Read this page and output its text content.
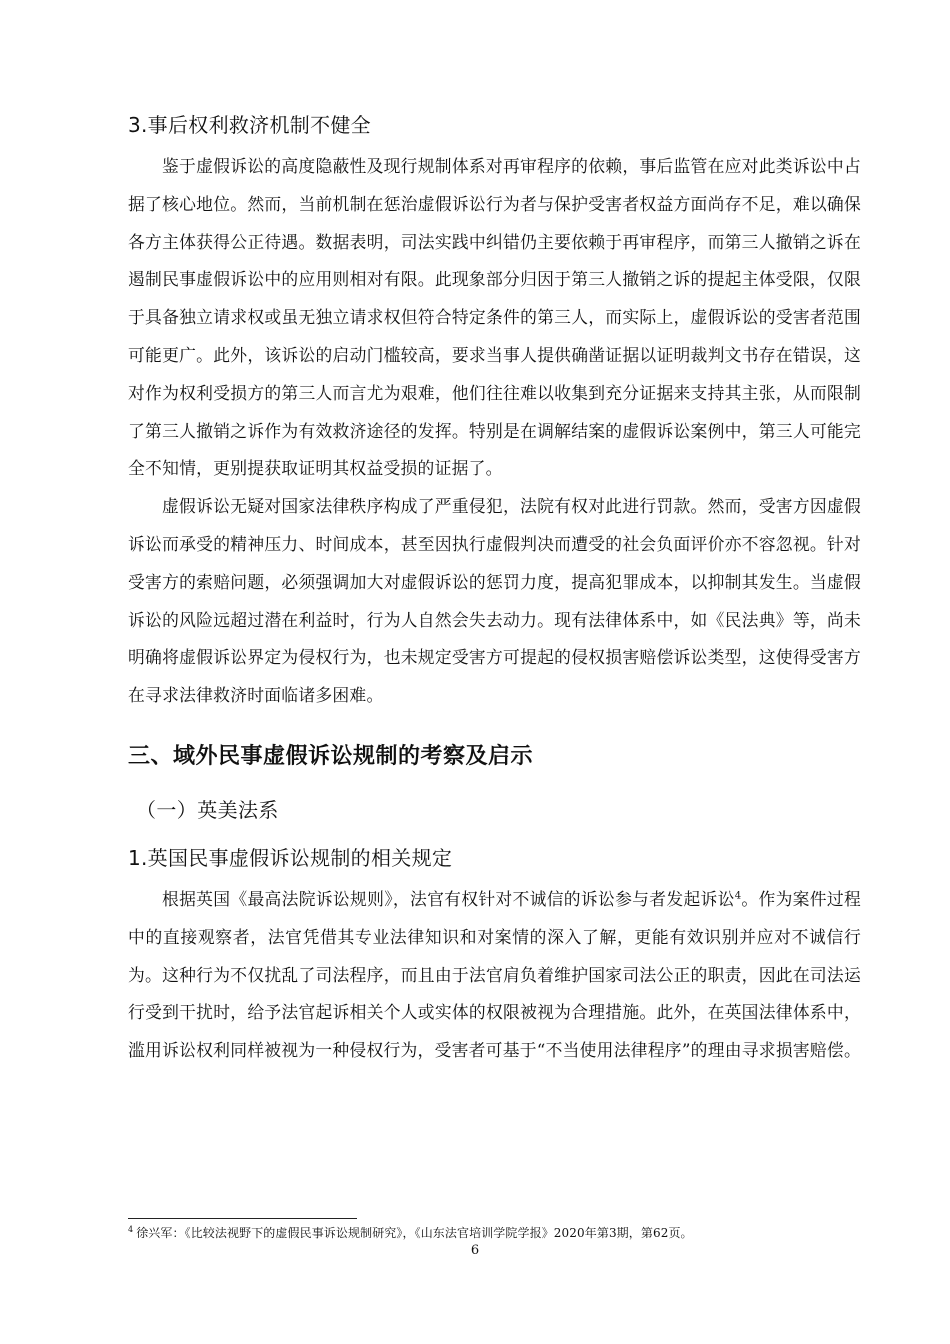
3.事后权利救济机制不健全

鉴于虚假诉讼的高度隐蔽性及现行规制体系对再审程序的依赖，事后监管在应对此类诉讼中占据了核心地位。然而，当前机制在惩治虚假诉讼行为者与保护受害者权益方面尚存不足，难以确保各方主体获得公正待遇。数据表明，司法实践中纠错仍主要依赖于再审程序，而第三人撤销之诉在遏制民事虚假诉讼中的应用则相对有限。此现象部分归因于第三人撤销之诉的提起主体受限，仅限于具备独立请求权或虽无独立请求权但符合特定条件的第三人，而实际上，虚假诉讼的受害者范围可能更广。此外，该诉讼的启动门槛较高，要求当事人提供确凿证据以证明裁判文书存在错误，这对作为权利受损方的第三人而言尤为艰难，他们往往难以收集到充分证据来支持其主张，从而限制了第三人撤销之诉作为有效救济途径的发挥。特别是在调解结案的虚假诉讼案例中，第三人可能完全不知情，更别提获取证明其权益受损的证据了。

虚假诉讼无疑对国家法律秩序构成了严重侵犯，法院有权对此进行罚款。然而，受害方因虚假诉讼而承受的精神压力、时间成本，甚至因执行虚假判决而遭受的社会负面评价亦不容忽视。针对受害方的索赔问题，必须强调加大对虚假诉讼的惩罚力度，提高犯罪成本，以抑制其发生。当虚假诉讼的风险远超过潜在利益时，行为人自然会失去动力。现有法律体系中，如《民法典》等，尚未明确将虚假诉讼界定为侵权行为，也未规定受害方可提起的侵权损害赔偿诉讼类型，这使得受害方在寻求法律救济时面临诸多困难。

三、域外民事虚假诉讼规制的考察及启示
（一）英美法系
1.英国民事虚假诉讼规制的相关规定

根据英国《最高法院诉讼规则》，法官有权针对不诚信的诉讼参与者发起诉讼$^4$。作为案件过程中的直接观察者，法官凭借其专业法律知识和对案情的深入了解，更能有效识别并应对不诚信行为。这种行为不仅扰乱了司法程序，而且由于法官肩负着维护国家司法公正的职责，因此在司法运行受到干扰时，给予法官起诉相关个人或实体的权限被视为合理措施。此外，在英国法律体系中，滥用诉讼权利同样被视为一种侵权行为，受害者可基于“不当使用法律程序”的理由寻求损害赔偿。

$^4$ 徐兴军：《比较法视野下的虚假民事诉讼规制研究》，《山东法官培训学院学报》2020年第3期，第62页。
6
